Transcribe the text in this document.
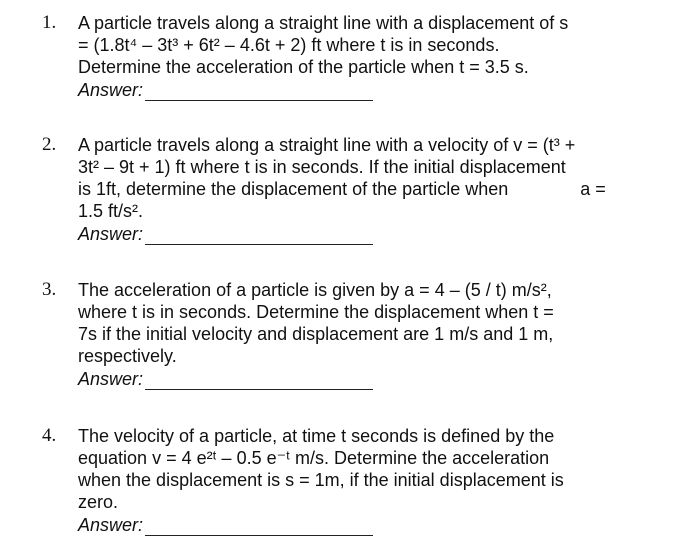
1. A particle travels along a straight line with a displacement of s
= (1.8t⁴ – 3t³ + 6t² – 4.6t + 2) ft where t is in seconds.
Determine the acceleration of the particle when t = 3.5 s.
Answer:
2. A particle travels along a straight line with a velocity of v = (t³ +
3t² – 9t + 1) ft where t is in seconds. If the initial displacement
is 1ft, determine the displacement of the particle when	a =
1.5 ft/s².
Answer:
3. The acceleration of a particle is given by a = 4 – (5 / t) m/s²,
where t is in seconds. Determine the displacement when t =
7s if the initial velocity and displacement are 1 m/s and 1 m,
respectively.
Answer:
4. The velocity of a particle, at time t seconds is defined by the
equation v = 4 e²ᵗ – 0.5 e⁻ᵗ m/s. Determine the acceleration
when the displacement is s = 1m, if the initial displacement is
zero.
Answer:
